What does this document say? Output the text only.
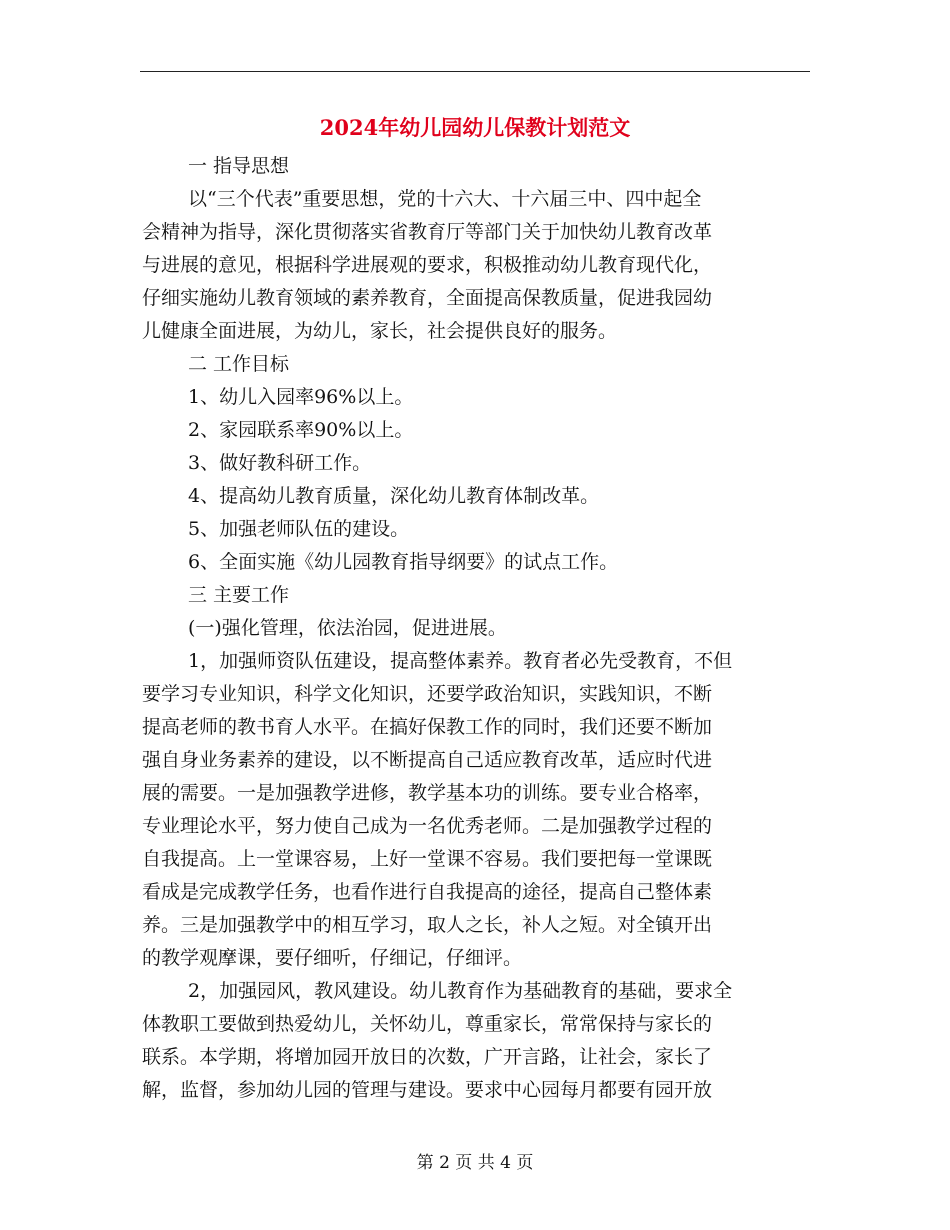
2024年幼儿园幼儿保教计划范文
一 指导思想
以“三个代表”重要思想，党的十六大、十六届三中、四中起全
会精神为指导，深化贯彻落实省教育厅等部门关于加快幼儿教育改革
与进展的意见，根据科学进展观的要求，积极推动幼儿教育现代化，
仔细实施幼儿教育领域的素养教育，全面提高保教质量，促进我园幼
儿健康全面进展，为幼儿，家长，社会提供良好的服务。
二 工作目标
1、幼儿入园率96%以上。
2、家园联系率90%以上。
3、做好教科研工作。
4、提高幼儿教育质量，深化幼儿教育体制改革。
5、加强老师队伍的建设。
6、全面实施《幼儿园教育指导纲要》的试点工作。
三 主要工作
(一)强化管理，依法治园，促进进展。
1，加强师资队伍建设，提高整体素养。教育者必先受教育，不但
要学习专业知识，科学文化知识，还要学政治知识，实践知识，不断
提高老师的教书育人水平。在搞好保教工作的同时，我们还要不断加
强自身业务素养的建设，以不断提高自己适应教育改革，适应时代进
展的需要。一是加强教学进修，教学基本功的训练。要专业合格率，
专业理论水平，努力使自己成为一名优秀老师。二是加强教学过程的
自我提高。上一堂课容易，上好一堂课不容易。我们要把每一堂课既
看成是完成教学任务，也看作进行自我提高的途径，提高自己整体素
养。三是加强教学中的相互学习，取人之长，补人之短。对全镇开出
的教学观摩课，要仔细听，仔细记，仔细评。
2，加强园风，教风建设。幼儿教育作为基础教育的基础，要求全
体教职工要做到热爱幼儿，关怀幼儿，尊重家长，常常保持与家长的
联系。本学期，将增加园开放日的次数，广开言路，让社会，家长了
解，监督，参加幼儿园的管理与建设。要求中心园每月都要有园开放
第 2 页 共 4 页
